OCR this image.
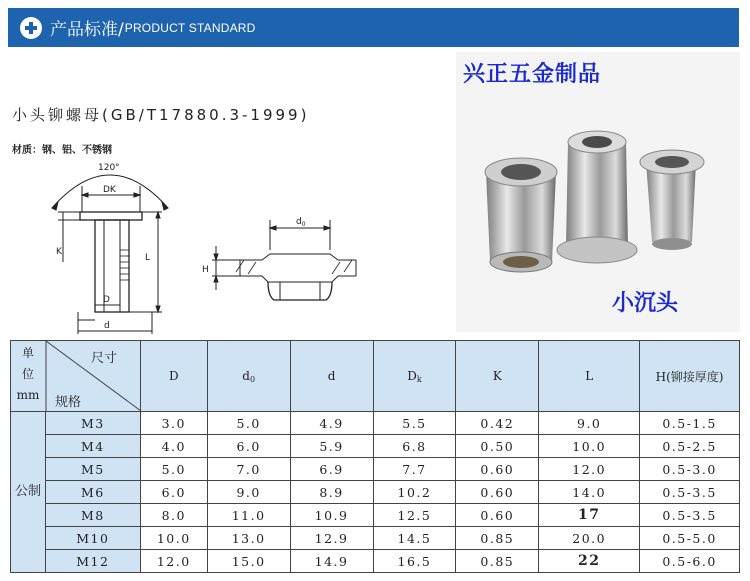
产品标准/ PRODUCT STANDARD
小头铆螺母(GB/T17880.3-1999)
材质：钢、铝、不锈钢
120°
DK
K
L
D
d
$d_0$
H
兴正五金制品
小沉头
单
位
mm
尺寸
规格		D	$d_0$	d	$D_k$	K	L	H(铆接厚度)
公制	M3	3.0	5.0	4.9	5.5	0.42	9.0	0.5-1.5
	M4	4.0	6.0	5.9	6.8	0.50	10.0	0.5-2.5
	M5	5.0	7.0	6.9	7.7	0.60	12.0	0.5-3.0
	M6	6.0	9.0	8.9	10.2	0.60	14.0	0.5-3.5
	M8	8.0	11.0	10.9	12.5	0.60	17	0.5-3.5
	M10	10.0	13.0	12.9	14.5	0.85	20.0	0.5-5.0
	M12	12.0	15.0	14.9	16.5	0.85	22	0.5-6.0
